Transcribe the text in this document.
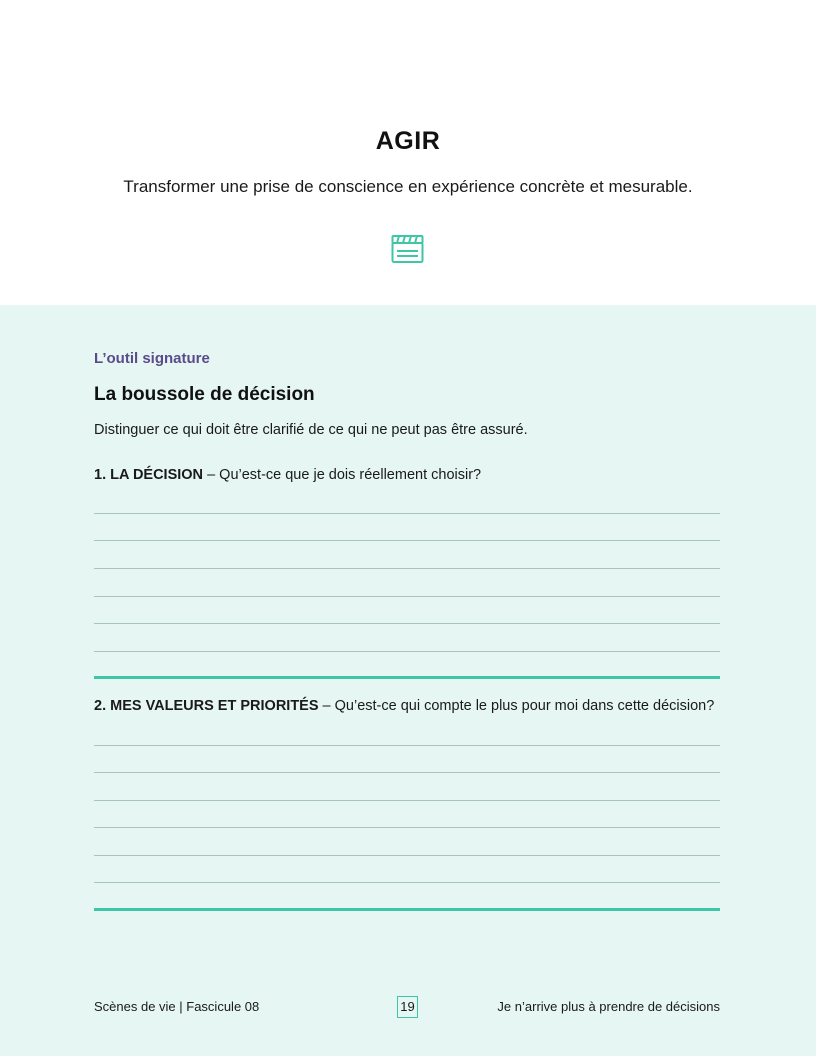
AGIR
Transformer une prise de conscience en expérience concrète et mesurable.
L’outil signature
La boussole de décision
Distinguer ce qui doit être clarifié de ce qui ne peut pas être assuré.
1. LA DÉCISION – Qu’est-ce que je dois réellement choisir?
2. MES VALEURS ET PRIORITÉS – Qu’est-ce qui compte le plus pour moi dans cette décision?
Scènes de vie | Fascicule 08	19	Je n’arrive plus à prendre de décisions
